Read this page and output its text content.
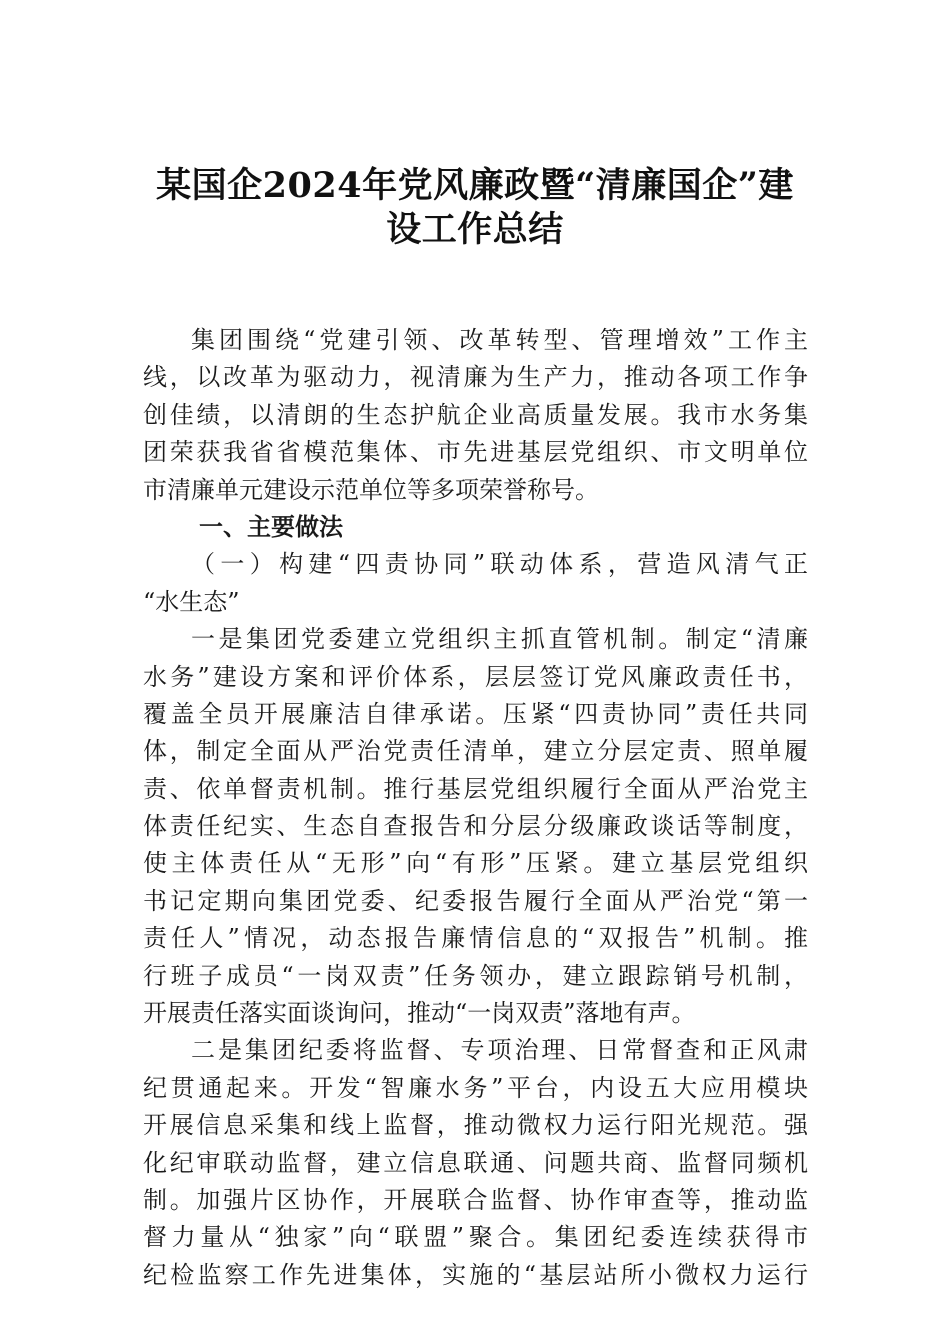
某国企2024年党风廉政暨“清廉国企”建
设工作总结
集团围绕“党建引领、改革转型、管理增效”工作主
线，以改革为驱动力，视清廉为生产力，推动各项工作争
创佳绩，以清朗的生态护航企业高质量发展。我市水务集
团荣获我省省模范集体、市先进基层党组织、市文明单位
市清廉单元建设示范单位等多项荣誉称号。
一、主要做法
（一）构建“四责协同”联动体系，营造风清气正
“水生态”
一是集团党委建立党组织主抓直管机制。制定“清廉
水务”建设方案和评价体系，层层签订党风廉政责任书，
覆盖全员开展廉洁自律承诺。压紧“四责协同”责任共同
体，制定全面从严治党责任清单，建立分层定责、照单履
责、依单督责机制。推行基层党组织履行全面从严治党主
体责任纪实、生态自查报告和分层分级廉政谈话等制度，
使主体责任从“无形”向“有形”压紧。建立基层党组织
书记定期向集团党委、纪委报告履行全面从严治党“第一
责任人”情况，动态报告廉情信息的“双报告”机制。推
行班子成员“一岗双责”任务领办，建立跟踪销号机制，
开展责任落实面谈询问，推动“一岗双责”落地有声。
二是集团纪委将监督、专项治理、日常督查和正风肃
纪贯通起来。开发“智廉水务”平台，内设五大应用模块
开展信息采集和线上监督，推动微权力运行阳光规范。强
化纪审联动监督，建立信息联通、问题共商、监督同频机
制。加强片区协作，开展联合监督、协作审查等，推动监
督力量从“独家”向“联盟”聚合。集团纪委连续获得市
纪检监察工作先进集体，实施的“基层站所小微权力运行
